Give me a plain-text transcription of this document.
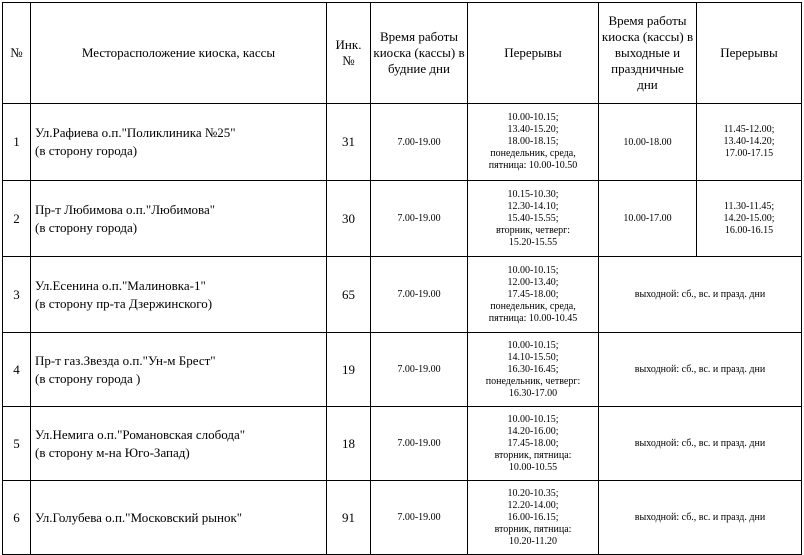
№	Месторасположение киоска, кассы	Инк. №	Время работы киоска (кассы) в будние дни	Перерывы	Время работы киоска (кассы) в выходные и праздничные дни	Перерывы
1	Ул.Рафиева о.п."Поликлиника №25"
(в сторону города)	31	7.00-19.00	10.00-10.15;
13.40-15.20;
18.00-18.15;
понедельник, среда,
пятница: 10.00-10.50	10.00-18.00	11.45-12.00;
13.40-14.20;
17.00-17.15

2	Пр-т Любимова о.п."Любимова"
(в сторону города)	30	7.00-19.00	10.15-10.30;
12.30-14.10;
15.40-15.55;
вторник, четверг:
15.20-15.55	10.00-17.00	11.30-11.45;
14.20-15.00;
16.00-16.15

3	Ул.Есенина о.п."Малиновка-1"
(в сторону пр-та Дзержинского)	65	7.00-19.00	10.00-10.15;
12.00-13.40;
17.45-18.00;
понедельник, среда,
пятница: 10.00-10.45	выходной: сб., вс. и празд. дни	
4	Пр-т газ.Звезда о.п."Ун-м Брест"
(в сторону города )	19	7.00-19.00	10.00-10.15;
14.10-15.50;
16.30-16.45;
понедельник, четверг:
16.30-17.00	выходной: сб., вс. и празд. дни	
5	Ул.Немига о.п."Романовская слобода"
(в сторону м-на Юго-Запад)	18	7.00-19.00	10.00-10.15;
14.20-16.00;
17.45-18.00;
вторник, пятница:
10.00-10.55	выходной: сб., вс. и празд. дни	
6	Ул.Голубева о.п."Московский рынок"	91	7.00-19.00	10.20-10.35;
12.20-14.00;
16.00-16.15;
вторник, пятница:
10.20-11.20	выходной: сб., вс. и празд. дни	
